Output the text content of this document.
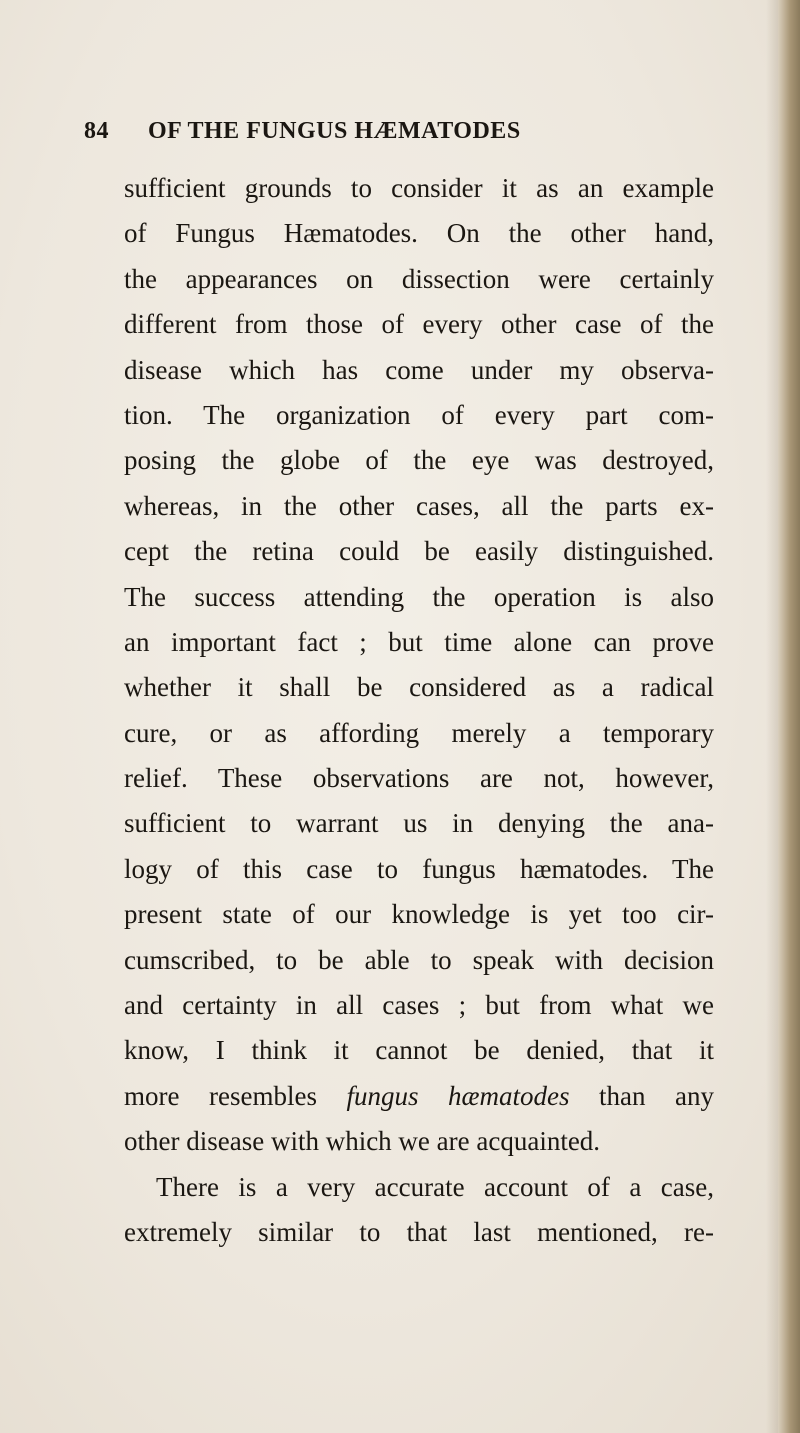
84 OF THE FUNGUS HÆMATODES
sufficient grounds to consider it as an example
of Fungus Hæmatodes. On the other hand,
the appearances on dissection were certainly
different from those of every other case of the
disease which has come under my observa-
tion. The organization of every part com-
posing the globe of the eye was destroyed,
whereas, in the other cases, all the parts ex-
cept the retina could be easily distinguished.
The success attending the operation is also
an important fact ; but time alone can prove
whether it shall be considered as a radical
cure, or as affording merely a temporary
relief. These observations are not, however,
sufficient to warrant us in denying the ana-
logy of this case to fungus hæmatodes. The
present state of our knowledge is yet too cir-
cumscribed, to be able to speak with decision
and certainty in all cases ; but from what we
know, I think it cannot be denied, that it
more resembles fungus hæmatodes than any
other disease with which we are acquainted.
There is a very accurate account of a case,
extremely similar to that last mentioned, re-
